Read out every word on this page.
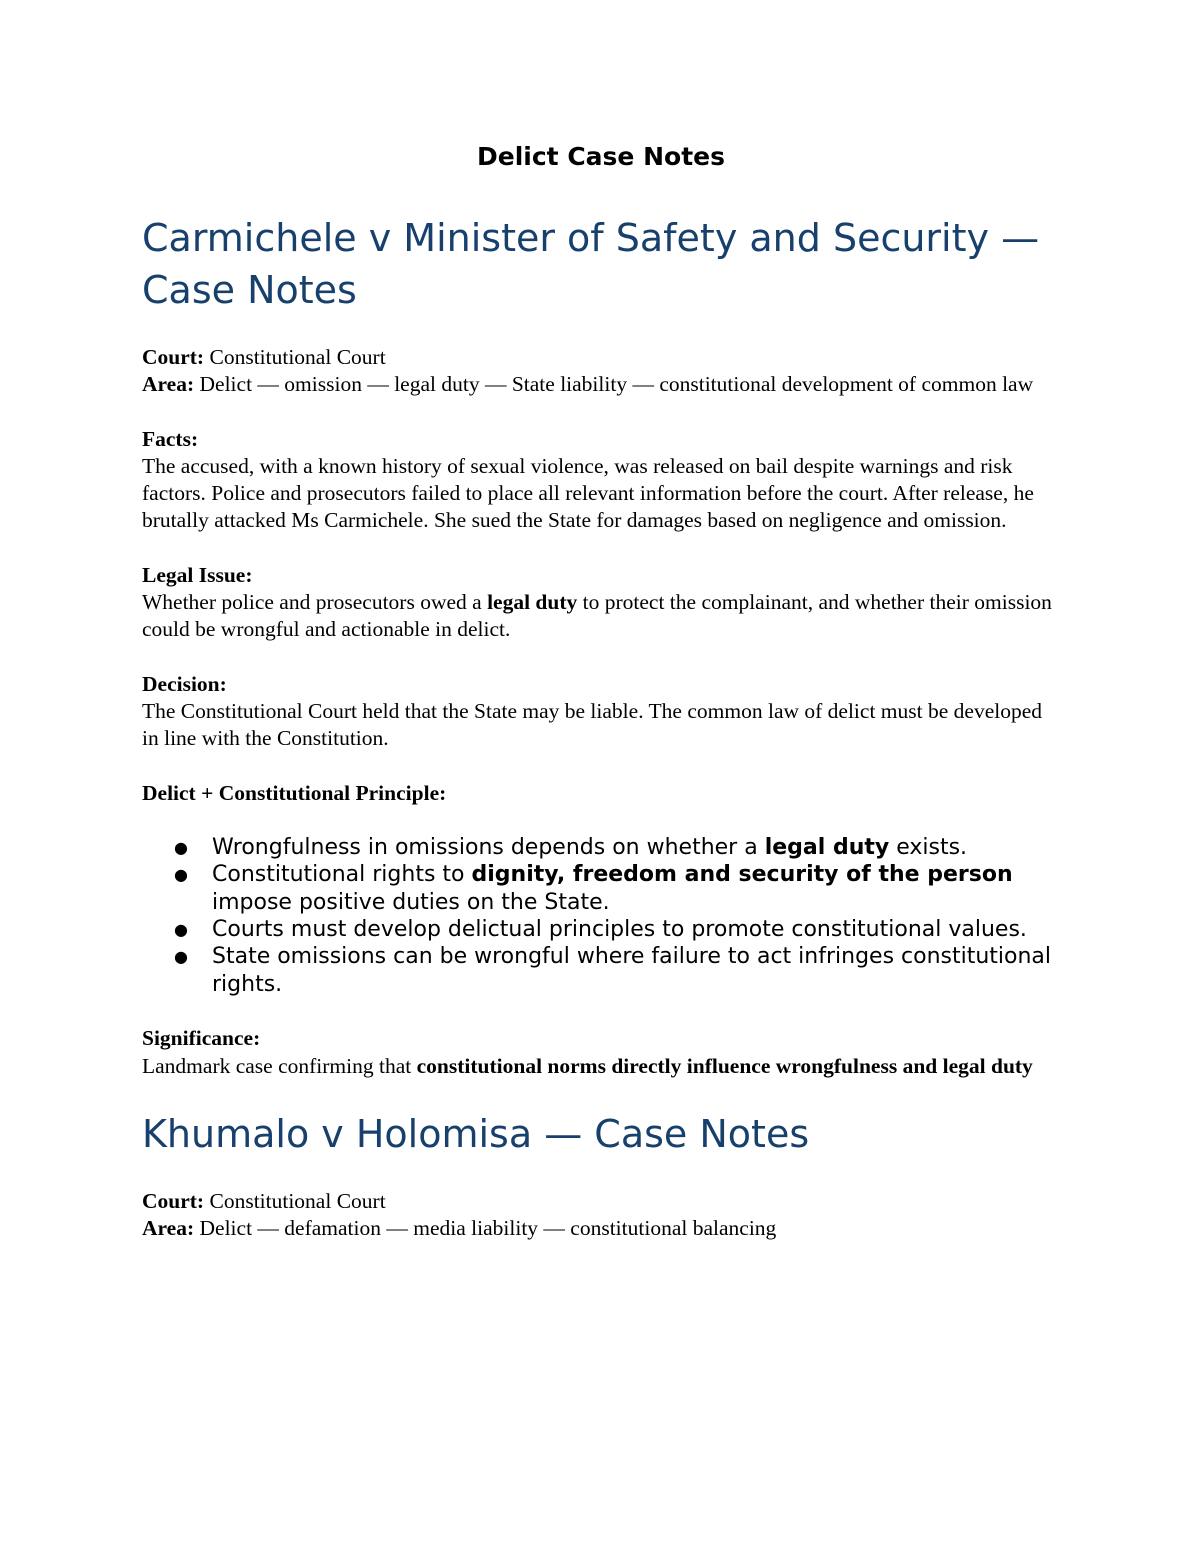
Delict Case Notes
Carmichele v Minister of Safety and Security — Case Notes

Court: Constitutional Court
Area: Delict — omission — legal duty — State liability — constitutional development of common law

Facts:

The accused, with a known history of sexual violence, was released on bail despite warnings and risk factors. Police and prosecutors failed to place all relevant information before the court. After release, he brutally attacked Ms Carmichele. She sued the State for damages based on negligence and omission.

Legal Issue:

Whether police and prosecutors owed a legal duty to protect the complainant, and whether their omission could be wrongful and actionable in delict.

Decision:

The Constitutional Court held that the State may be liable. The common law of delict must be developed in line with the Constitution.

Delict + Constitutional Principle:

● Wrongfulness in omissions depends on whether a legal duty exists.
● Constitutional rights to dignity, freedom and security of the person impose positive duties on the State.
● Courts must develop delictual principles to promote constitutional values.
● State omissions can be wrongful where failure to act infringes constitutional rights.

Significance:

Landmark case confirming that constitutional norms directly influence wrongfulness and legal duty

Khumalo v Holomisa — Case Notes

Court: Constitutional Court
Area: Delict — defamation — media liability — constitutional balancing
